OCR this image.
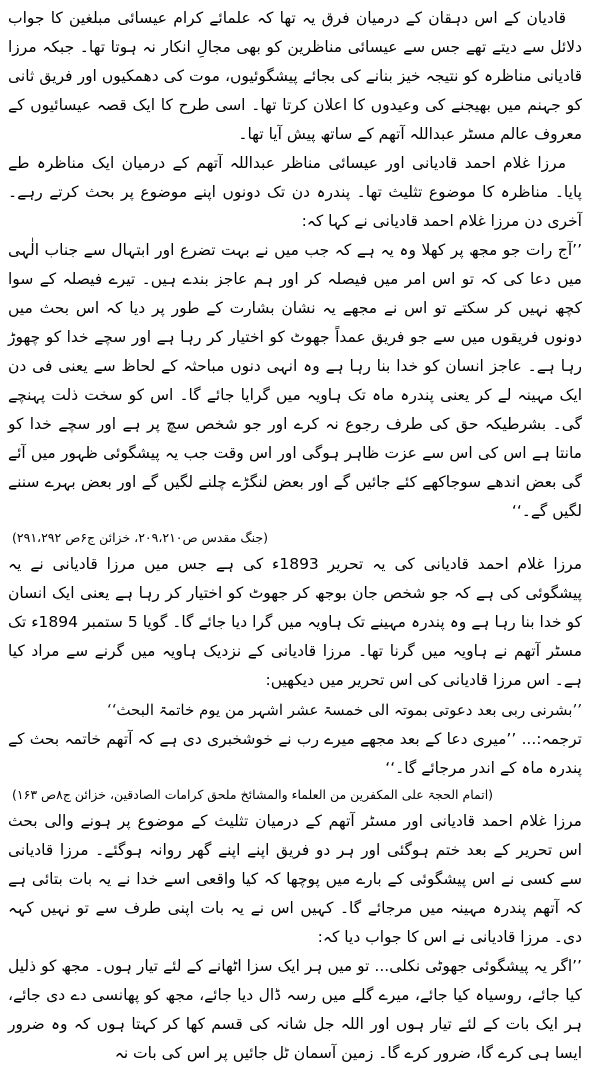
قادیان کے اس دہقان کے درمیان فرق یہ تھا کہ علمائے کرام عیسائی مبلغین کا جواب دلائل سے دیتے تھے جس سے عیسائی مناظرین کو بھی مجالِ انکار نہ ہوتا تھا۔ جبکہ مرزا قادیانی مناظرہ کو نتیجہ خیز بنانے کی بجائے پیشگوئیوں، موت کی دھمکیوں اور فریق ثانی کو جہنم میں بھیجنے کی وعیدوں کا اعلان کرتا تھا۔ اسی طرح کا ایک قصہ عیسائیوں کے معروف عالم مسٹر عبداللہ آتھم کے ساتھ پیش آیا تھا۔

مرزا غلام احمد قادیانی اور عیسائی مناظر عبداللہ آتھم کے درمیان ایک مناظرہ طے پایا۔ مناظرہ کا موضوع تثلیث تھا۔ پندرہ دن تک دونوں اپنے موضوع پر بحث کرتے رہے۔ آخری دن مرزا غلام احمد قادیانی نے کہا کہ:

’’آج رات جو مجھ پر کھلا وہ یہ ہے کہ جب میں نے بہت تضرع اور ابتہال سے جناب الٰہی میں دعا کی کہ تو اس امر میں فیصلہ کر اور ہم عاجز بندے ہیں۔ تیرے فیصلہ کے سوا کچھ نہیں کر سکتے تو اس نے مجھے یہ نشان بشارت کے طور پر دیا کہ اس بحث میں دونوں فریقوں میں سے جو فریق عمداً جھوٹ کو اختیار کر رہا ہے اور سچے خدا کو چھوڑ رہا ہے۔ عاجز انسان کو خدا بنا رہا ہے وہ انہی دنوں مباحثہ کے لحاظ سے یعنی فی دن ایک مہینہ لے کر یعنی پندرہ ماہ تک ہاویہ میں گرایا جائے گا۔ اس کو سخت ذلت پہنچے گی۔ بشرطیکہ حق کی طرف رجوع نہ کرے اور جو شخص سچ پر ہے اور سچے خدا کو مانتا ہے اس کی اس سے عزت ظاہر ہوگی اور اس وقت جب یہ پیشگوئی ظہور میں آئے گی بعض اندھے سوجاکھے کئے جائیں گے اور بعض لنگڑے چلنے لگیں گے اور بعض بہرے سننے لگیں گے۔‘‘

(جنگ مقدس ص۲۰۹،۲۱۰، خزائن ج۶ص ۲۹۱،۲۹۲)

مرزا غلام احمد قادیانی کی یہ تحریر 1893ء کی ہے جس میں مرزا قادیانی نے یہ پیشگوئی کی ہے کہ جو شخص جان بوجھ کر جھوٹ کو اختیار کر رہا ہے یعنی ایک انسان کو خدا بنا رہا ہے وہ پندرہ مہینے تک ہاویہ میں گرا دیا جائے گا۔ گویا 5 ستمبر 1894ء تک مسٹر آتھم نے ہاویہ میں گرنا تھا۔ مرزا قادیانی کے نزدیک ہاویہ میں گرنے سے مراد کیا ہے۔ اس مرزا قادیانی کی اس تحریر میں دیکھیں:

’’بشرنی ربی بعد دعوتی بموتہ الی خمسۃ عشر اشہر من یوم خاتمۃ البحث‘‘

ترجمہ:... ’’میری دعا کے بعد مجھے میرے رب نے خوشخبری دی ہے کہ آتھم خاتمہ بحث کے پندرہ ماہ کے اندر مرجائے گا۔‘‘

(اتمام الحجۃ علی المکفرین من العلماء والمشائخ ملحق کرامات الصادقین، خزائن ج۸ص ۱۶۳)

مرزا غلام احمد قادیانی اور مسٹر آتھم کے درمیان تثلیث کے موضوع پر ہونے والی بحث اس تحریر کے بعد ختم ہوگئی اور ہر دو فریق اپنے اپنے گھر روانہ ہوگئے۔ مرزا قادیانی سے کسی نے اس پیشگوئی کے بارے میں پوچھا کہ کیا واقعی اسے خدا نے یہ بات بتائی ہے کہ آتھم پندرہ مہینہ میں مرجائے گا۔ کہیں اس نے یہ بات اپنی طرف سے تو نہیں کہہ دی۔ مرزا قادیانی نے اس کا جواب دیا کہ:

’’اگر یہ پیشگوئی جھوٹی نکلی... تو میں ہر ایک سزا اٹھانے کے لئے تیار ہوں۔ مجھ کو ذلیل کیا جائے، روسیاہ کیا جائے، میرے گلے میں رسہ ڈال دیا جائے، مجھ کو پھانسی دے دی جائے، ہر ایک بات کے لئے تیار ہوں اور اللہ جل شانہ کی قسم کھا کر کہتا ہوں کہ وہ ضرور ایسا ہی کرے گا، ضرور کرے گا۔ زمین آسمان ٹل جائیں پر اس کی بات نہ
